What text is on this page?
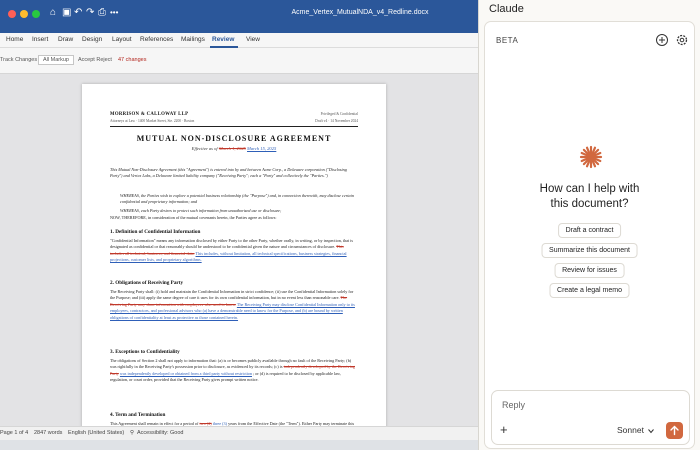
⌂ ▣ ↶ ↷ ⎙ •••	Acme_Vertex_MutualNDA_v4_Redline.docx
Home Insert Draw Design Layout References Mailings Review View
Track Changes	All Markup	Accept Reject 47 changes
MORRISON & CALLOWAY LLP
Attorneys at Law · 1400 Market Street, Ste. 2200 · Boston
Privileged & Confidential
Draft v4 · 14 November 2024
MUTUAL NON-DISCLOSURE AGREEMENT
Effective as of March 1, 2025 March 15, 2025
This Mutual Non-Disclosure Agreement (this "Agreement") is entered into by and between Acme Corp., a Delaware corporation ("Disclosing Party") and Vertex Labs, a Delaware limited liability company ("Receiving Party"; each a "Party" and collectively the "Parties.")
WHEREAS, the Parties wish to explore a potential business relationship (the "Purpose") and, in connection therewith, may disclose certain confidential and proprietary information; and
WHEREAS, each Party desires to protect such information from unauthorized use or disclosure;
NOW, THEREFORE, in consideration of the mutual covenants herein, the Parties agree as follows:
1. Definition of Confidential Information
"Confidential Information" means any information disclosed by either Party to the other Party, whether orally, in writing, or by inspection, that is designated as confidential or that reasonably should be understood to be confidential given the nature and circumstances of disclosure. This includes all technical, business, and financial data. This includes, without limitation, all technical specifications, business strategies, financial projections, customer lists, and proprietary algorithms.
2. Obligations of Receiving Party
The Receiving Party shall: (i) hold and maintain the Confidential Information in strict confidence; (ii) use the Confidential Information solely for the Purpose; and (iii) apply the same degree of care it uses for its own confidential information, but in no event less than reasonable care. The Receiving Party may share information with employees who need to know. The Receiving Party may disclose Confidential Information only to its employees, contractors, and professional advisors who (a) have a demonstrable need to know for the Purpose, and (b) are bound by written obligations of confidentiality at least as protective as those contained herein.
3. Exceptions to Confidentiality
The obligations of Section 2 shall not apply to information that: (a) is or becomes publicly available through no fault of the Receiving Party; (b) was rightfully in the Receiving Party's possession prior to disclosure, as evidenced by its records; (c) is independently developed by the Receiving Party was independently developed or obtained from a third party without restriction ; or (d) is required to be disclosed by applicable law, regulation, or court order, provided that the Receiving Party gives prompt written notice.
4. Term and Termination
This Agreement shall remain in effect for a period of two (2) three (3) years from the Effective Date (the "Term"). Either Party may terminate this
Page 1 of 4 2847 words English (United States) ⚲ Accessibility: Good
Claude
BETA
How can I help with
this document?
Draft a contract
Summarize this document
Review for issues
Create a legal memo
Reply
+	Sonnet
